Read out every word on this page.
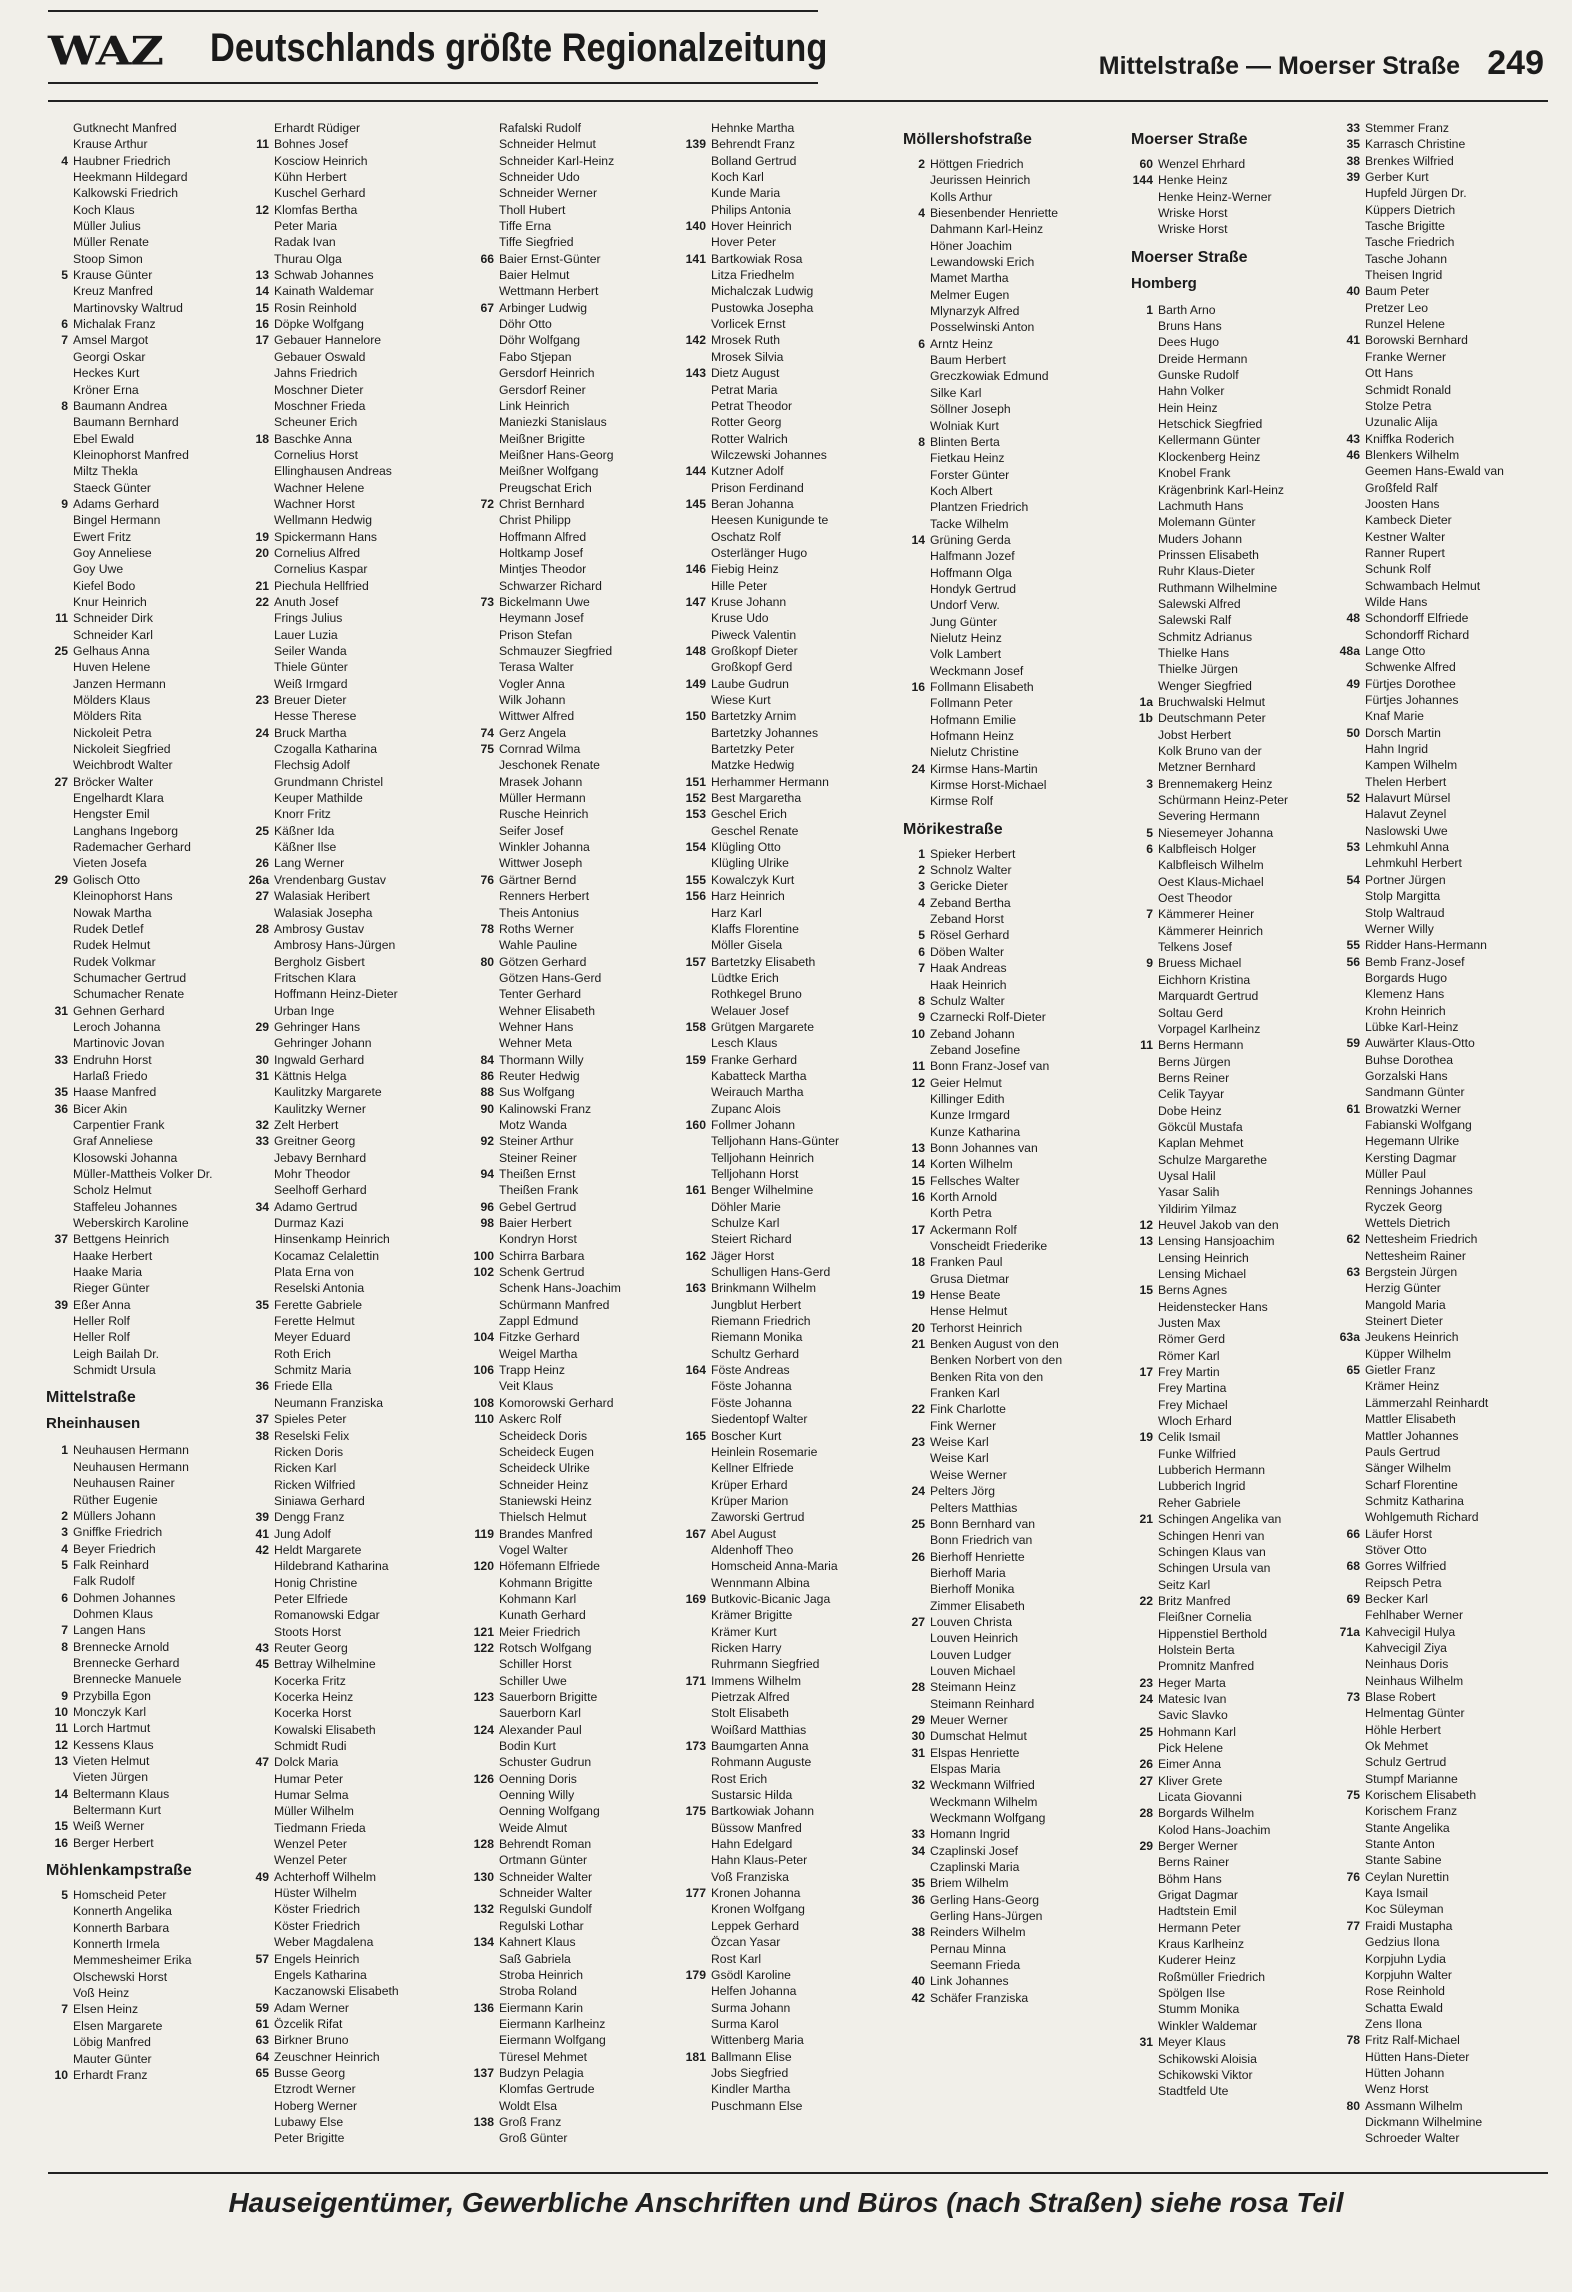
WAZ Deutschlands größte Regionalzeitung	Mittelstraße — Moerser Straße 249
Gutknecht Manfred
Krause Arthur
4 Haubner Friedrich
Heekmann Hildegard
Kalkowski Friedrich
Koch Klaus
Müller Julius
Müller Renate
Stoop Simon
5 Krause Günter
Kreuz Manfred
Martinovsky Waltrud
6 Michalak Franz
7 Amsel Margot
Georgi Oskar
Heckes Kurt
Kröner Erna
8 Baumann Andrea
Baumann Bernhard
Ebel Ewald
Kleinophorst Manfred
Miltz Thekla
Staeck Günter
9 Adams Gerhard
Bingel Hermann
Ewert Fritz
Goy Anneliese
Goy Uwe
Kiefel Bodo
Knur Heinrich
11 Schneider Dirk
Schneider Karl
25 Gelhaus Anna
Huven Helene
Janzen Hermann
Mölders Klaus
Mölders Rita
Nickoleit Petra
Nickoleit Siegfried
Weichbrodt Walter
27 Bröcker Walter
Engelhardt Klara
Hengster Emil
Langhans Ingeborg
Rademacher Gerhard
Vieten Josefa
29 Golisch Otto
Kleinophorst Hans
Nowak Martha
Rudek Detlef
Rudek Helmut
Rudek Volkmar
Schumacher Gertrud
Schumacher Renate
31 Gehnen Gerhard
Leroch Johanna
Martinovic Jovan
33 Endruhn Horst
Harlaß Friedo
35 Haase Manfred
36 Bicer Akin
Carpentier Frank
Graf Anneliese
Klosowski Johanna
Müller-Mattheis Volker Dr.
Scholz Helmut
Staffeleu Johannes
Weberskirch Karoline
37 Bettgens Heinrich
Haake Herbert
Haake Maria
Rieger Günter
39 Eßer Anna
Heller Rolf
Heller Rolf
Leigh Bailah Dr.
Schmidt Ursula
Mittelstraße
Rheinhausen
1 Neuhausen Hermann
Neuhausen Hermann
Neuhausen Rainer
Rüther Eugenie
2 Müllers Johann
3 Gniffke Friedrich
4 Beyer Friedrich
5 Falk Reinhard
Falk Rudolf
6 Dohmen Johannes
Dohmen Klaus
7 Langen Hans
8 Brennecke Arnold
Brennecke Gerhard
Brennecke Manuele
9 Przybilla Egon
10 Monczyk Karl
11 Lorch Hartmut
12 Kessens Klaus
13 Vieten Helmut
Vieten Jürgen
14 Beltermann Klaus
Beltermann Kurt
15 Weiß Werner
16 Berger Herbert
Möhlenkampstraße
5 Homscheid Peter
Konnerth Angelika
Konnerth Barbara
Konnerth Irmela
Memmesheimer Erika
Olschewski Horst
Voß Heinz
7 Elsen Heinz
Elsen Margarete
Löbig Manfred
Mauter Günter
10 Erhardt Franz
Erhardt Rüdiger
11 Bohnes Josef
Kosciow Heinrich
Kühn Herbert
Kuschel Gerhard
12 Klomfas Bertha
Peter Maria
Radak Ivan
Thurau Olga
13 Schwab Johannes
14 Kainath Waldemar
15 Rosin Reinhold
16 Döpke Wolfgang
17 Gebauer Hannelore
Gebauer Oswald
Jahns Friedrich
Moschner Dieter
Moschner Frieda
Scheuner Erich
18 Baschke Anna
Cornelius Horst
Ellinghausen Andreas
Wachner Helene
Wachner Horst
Wellmann Hedwig
19 Spickermann Hans
20 Cornelius Alfred
Cornelius Kaspar
21 Piechula Hellfried
22 Anuth Josef
Frings Julius
Lauer Luzia
Seiler Wanda
Thiele Günter
Weiß Irmgard
23 Breuer Dieter
Hesse Therese
24 Bruck Martha
Czogalla Katharina
Flechsig Adolf
Grundmann Christel
Keuper Mathilde
Knorr Fritz
25 Käßner Ida
Käßner Ilse
26 Lang Werner
26a Vrendenbarg Gustav
27 Walasiak Heribert
Walasiak Josepha
28 Ambrosy Gustav
Ambrosy Hans-Jürgen
Bergholz Gisbert
Fritschen Klara
Hoffmann Heinz-Dieter
Urban Inge
29 Gehringer Hans
Gehringer Johann
30 Ingwald Gerhard
31 Kättnis Helga
Kaulitzky Margarete
Kaulitzky Werner
32 Zelt Herbert
33 Greitner Georg
Jebavy Bernhard
Mohr Theodor
Seelhoff Gerhard
34 Adamo Gertrud
Durmaz Kazi
Hinsenkamp Heinrich
Kocamaz Celalettin
Plata Erna von
Reselski Antonia
35 Ferette Gabriele
Ferette Helmut
Meyer Eduard
Roth Erich
Schmitz Maria
36 Friede Ella
Neumann Franziska
37 Spieles Peter
38 Reselski Felix
Ricken Doris
Ricken Karl
Ricken Wilfried
Siniawa Gerhard
39 Dengg Franz
41 Jung Adolf
42 Heldt Margarete
Hildebrand Katharina
Honig Christine
Peter Elfriede
Romanowski Edgar
Stoots Horst
43 Reuter Georg
45 Bettray Wilhelmine
Kocerka Fritz
Kocerka Heinz
Kocerka Horst
Kowalski Elisabeth
Schmidt Rudi
47 Dolck Maria
Humar Peter
Humar Selma
Müller Wilhelm
Tiedmann Frieda
Wenzel Peter
Wenzel Peter
49 Achterhoff Wilhelm
Hüster Wilhelm
Köster Friedrich
Köster Friedrich
Weber Magdalena
57 Engels Heinrich
Engels Katharina
Kaczanowski Elisabeth
59 Adam Werner
61 Özcelik Rifat
63 Birkner Bruno
64 Zeuschner Heinrich
65 Busse Georg
Etzrodt Werner
Hoberg Werner
Lubawy Else
Peter Brigitte
Rafalski Rudolf
Schneider Helmut
Schneider Karl-Heinz
Schneider Udo
Schneider Werner
Tholl Hubert
Tiffe Erna
Tiffe Siegfried
66 Baier Ernst-Günter
Baier Helmut
Wettmann Herbert
67 Arbinger Ludwig
Döhr Otto
Döhr Wolfgang
Fabo Stjepan
Gersdorf Heinrich
Gersdorf Reiner
Link Heinrich
Maniezki Stanislaus
Meißner Brigitte
Meißner Hans-Georg
Meißner Wolfgang
Preugschat Erich
72 Christ Bernhard
Christ Philipp
Hoffmann Alfred
Holtkamp Josef
Mintjes Theodor
Schwarzer Richard
73 Bickelmann Uwe
Heymann Josef
Prison Stefan
Schmauzer Siegfried
Terasa Walter
Vogler Anna
Wilk Johann
Wittwer Alfred
74 Gerz Angela
75 Cornrad Wilma
Jeschonek Renate
Mrasek Johann
Müller Hermann
Rusche Heinrich
Seifer Josef
Winkler Johanna
Wittwer Joseph
76 Gärtner Bernd
Renners Herbert
Theis Antonius
78 Roths Werner
Wahle Pauline
80 Götzen Gerhard
Götzen Hans-Gerd
Tenter Gerhard
Wehner Elisabeth
Wehner Hans
Wehner Meta
84 Thormann Willy
86 Reuter Hedwig
88 Sus Wolfgang
90 Kalinowski Franz
Motz Wanda
92 Steiner Arthur
Steiner Reiner
94 Theißen Ernst
Theißen Frank
96 Gebel Gertrud
98 Baier Herbert
Kondryn Horst
100 Schirra Barbara
102 Schenk Gertrud
Schenk Hans-Joachim
Schürmann Manfred
Zappl Edmund
104 Fitzke Gerhard
Weigel Martha
106 Trapp Heinz
Veit Klaus
108 Komorowski Gerhard
110 Askerc Rolf
Scheideck Doris
Scheideck Eugen
Scheideck Ulrike
Schneider Heinz
Staniewski Heinz
Thielsch Helmut
119 Brandes Manfred
Vogel Walter
120 Höfemann Elfriede
Kohmann Brigitte
Kohmann Karl
Kunath Gerhard
121 Meier Friedrich
122 Rotsch Wolfgang
Schiller Horst
Schiller Uwe
123 Sauerborn Brigitte
Sauerborn Karl
124 Alexander Paul
Bodin Kurt
Schuster Gudrun
126 Oenning Doris
Oenning Willy
Oenning Wolfgang
Weide Almut
128 Behrendt Roman
Ortmann Günter
130 Schneider Walter
Schneider Walter
132 Regulski Gundolf
Regulski Lothar
134 Kahnert Klaus
Saß Gabriela
Stroba Heinrich
Stroba Roland
136 Eiermann Karin
Eiermann Karlheinz
Eiermann Wolfgang
Türesel Mehmet
137 Budzyn Pelagia
Klomfas Gertrude
Woldt Elsa
138 Groß Franz
Groß Günter
Hehnke Martha
139 Behrendt Franz
Bolland Gertrud
Koch Karl
Kunde Maria
Philips Antonia
140 Hover Heinrich
Hover Peter
141 Bartkowiak Rosa
Litza Friedhelm
Michalczak Ludwig
Pustowka Josepha
Vorlicek Ernst
142 Mrosek Ruth
Mrosek Silvia
143 Dietz August
Petrat Maria
Petrat Theodor
Rotter Georg
Rotter Walrich
Wilczewski Johannes
144 Kutzner Adolf
Prison Ferdinand
145 Beran Johanna
Heesen Kunigunde te
Oschatz Rolf
Osterlänger Hugo
146 Fiebig Heinz
Hille Peter
147 Kruse Johann
Kruse Udo
Piweck Valentin
148 Großkopf Dieter
Großkopf Gerd
149 Laube Gudrun
Wiese Kurt
150 Bartetzky Arnim
Bartetzky Johannes
Bartetzky Peter
Matzke Hedwig
151 Herhammer Hermann
152 Best Margaretha
153 Geschel Erich
Geschel Renate
154 Klügling Otto
Klügling Ulrike
155 Kowalczyk Kurt
156 Harz Heinrich
Harz Karl
Klaffs Florentine
Möller Gisela
157 Bartetzky Elisabeth
Lüdtke Erich
Rothkegel Bruno
Welauer Josef
158 Grütgen Margarete
Lesch Klaus
159 Franke Gerhard
Kabatteck Martha
Weirauch Martha
Zupanc Alois
160 Follmer Johann
Telljohann Hans-Günter
Telljohann Heinrich
Telljohann Horst
161 Benger Wilhelmine
Döhler Marie
Schulze Karl
Steiert Richard
162 Jäger Horst
Schulligen Hans-Gerd
163 Brinkmann Wilhelm
Jungblut Herbert
Riemann Friedrich
Riemann Monika
Schultz Gerhard
164 Föste Andreas
Föste Johanna
Föste Johanna
Siedentopf Walter
165 Boscher Kurt
Heinlein Rosemarie
Kellner Elfriede
Krüper Erhard
Krüper Marion
Zaworski Gertrud
167 Abel August
Aldenhoff Theo
Homscheid Anna-Maria
Wennmann Albina
169 Butkovic-Bicanic Jaga
Krämer Brigitte
Krämer Kurt
Ricken Harry
Ruhrmann Siegfried
171 Immens Wilhelm
Pietrzak Alfred
Stolt Elisabeth
Woißard Matthias
173 Baumgarten Anna
Rohmann Auguste
Rost Erich
Sustarsic Hilda
175 Bartkowiak Johann
Büssow Manfred
Hahn Edelgard
Hahn Klaus-Peter
Voß Franziska
177 Kronen Johanna
Kronen Wolfgang
Leppek Gerhard
Özcan Yasar
Rost Karl
179 Gsödl Karoline
Helfen Johanna
Surma Johann
Surma Karol
Wittenberg Maria
181 Ballmann Elise
Jobs Siegfried
Kindler Martha
Puschmann Else
Möllershofstraße
2 Höttgen Friedrich
Jeurissen Heinrich
Kolls Arthur
4 Biesenbender Henriette
Dahmann Karl-Heinz
Höner Joachim
Lewandowski Erich
Mamet Martha
Melmer Eugen
Mlynarzyk Alfred
Posselwinski Anton
6 Arntz Heinz
Baum Herbert
Greczkowiak Edmund
Silke Karl
Söllner Joseph
Wolniak Kurt
8 Blinten Berta
Fietkau Heinz
Forster Günter
Koch Albert
Plantzen Friedrich
Tacke Wilhelm
14 Grüning Gerda
Halfmann Jozef
Hoffmann Olga
Hondyk Gertrud
Undorf Verw.
Jung Günter
Nielutz Heinz
Volk Lambert
Weckmann Josef
16 Follmann Elisabeth
Follmann Peter
Hofmann Emilie
Hofmann Heinz
Nielutz Christine
24 Kirmse Hans-Martin
Kirmse Horst-Michael
Kirmse Rolf
Mörikestraße
1 Spieker Herbert
2 Schnolz Walter
3 Gericke Dieter
4 Zeband Bertha
Zeband Horst
5 Rösel Gerhard
6 Döben Walter
7 Haak Andreas
Haak Heinrich
8 Schulz Walter
9 Czarnecki Rolf-Dieter
10 Zeband Johann
Zeband Josefine
11 Bonn Franz-Josef van
12 Geier Helmut
Killinger Edith
Kunze Irmgard
Kunze Katharina
13 Bonn Johannes van
14 Korten Wilhelm
15 Fellsches Walter
16 Korth Arnold
Korth Petra
17 Ackermann Rolf
Vonscheidt Friederike
18 Franken Paul
Grusa Dietmar
19 Hense Beate
Hense Helmut
20 Terhorst Heinrich
21 Benken August von den
Benken Norbert von den
Benken Rita von den
Franken Karl
22 Fink Charlotte
Fink Werner
23 Weise Karl
Weise Karl
Weise Werner
24 Pelters Jörg
Pelters Matthias
25 Bonn Bernhard van
Bonn Friedrich van
26 Bierhoff Henriette
Bierhoff Maria
Bierhoff Monika
Zimmer Elisabeth
27 Louven Christa
Louven Heinrich
Louven Ludger
Louven Michael
28 Steimann Heinz
Steimann Reinhard
29 Meuer Werner
30 Dumschat Helmut
31 Elspas Henriette
Elspas Maria
32 Weckmann Wilfried
Weckmann Wilhelm
Weckmann Wolfgang
33 Homann Ingrid
34 Czaplinski Josef
Czaplinski Maria
35 Briem Wilhelm
36 Gerling Hans-Georg
Gerling Hans-Jürgen
38 Reinders Wilhelm
Pernau Minna
Seemann Frieda
40 Link Johannes
42 Schäfer Franziska
Moerser Straße
60 Wenzel Ehrhard
144 Henke Heinz
Henke Heinz-Werner
Wriske Horst
Wriske Horst
Moerser Straße
Homberg
1 Barth Arno
Bruns Hans
Dees Hugo
Dreide Hermann
Gunske Rudolf
Hahn Volker
Hein Heinz
Hetschick Siegfried
Kellermann Günter
Klockenberg Heinz
Knobel Frank
Krägenbrink Karl-Heinz
Lachmuth Hans
Molemann Günter
Muders Johann
Prinssen Elisabeth
Ruhr Klaus-Dieter
Ruthmann Wilhelmine
Salewski Alfred
Salewski Ralf
Schmitz Adrianus
Thielke Hans
Thielke Jürgen
Wenger Siegfried
1a Bruchwalski Helmut
1b Deutschmann Peter
Jobst Herbert
Kolk Bruno van der
Metzner Bernhard
3 Brennemakerg Heinz
Schürmann Heinz-Peter
Severing Hermann
5 Niesemeyer Johanna
6 Kalbfleisch Holger
Kalbfleisch Wilhelm
Oest Klaus-Michael
Oest Theodor
7 Kämmerer Heiner
Kämmerer Heinrich
Telkens Josef
9 Bruess Michael
Eichhorn Kristina
Marquardt Gertrud
Soltau Gerd
Vorpagel Karlheinz
11 Berns Hermann
Berns Jürgen
Berns Reiner
Celik Tayyar
Dobe Heinz
Gökcül Mustafa
Kaplan Mehmet
Schulze Margarethe
Uysal Halil
Yasar Salih
Yildirim Yilmaz
12 Heuvel Jakob van den
13 Lensing Hansjoachim
Lensing Heinrich
Lensing Michael
15 Berns Agnes
Heidenstecker Hans
Justen Max
Römer Gerd
Römer Karl
17 Frey Martin
Frey Martina
Frey Michael
Wloch Erhard
19 Celik Ismail
Funke Wilfried
Lubberich Hermann
Lubberich Ingrid
Reher Gabriele
21 Schingen Angelika van
Schingen Henri van
Schingen Klaus van
Schingen Ursula van
Seitz Karl
22 Britz Manfred
Fleißner Cornelia
Hippenstiel Berthold
Holstein Berta
Promnitz Manfred
23 Heger Marta
24 Matesic Ivan
Savic Slavko
25 Hohmann Karl
Pick Helene
26 Eimer Anna
27 Kliver Grete
Licata Giovanni
28 Borgards Wilhelm
Kolod Hans-Joachim
29 Berger Werner
Berns Rainer
Böhm Hans
Grigat Dagmar
Hadtstein Emil
Hermann Peter
Kraus Karlheinz
Kuderer Heinz
Roßmüller Friedrich
Spölgen Ilse
Stumm Monika
Winkler Waldemar
31 Meyer Klaus
Schikowski Aloisia
Schikowski Viktor
Stadtfeld Ute
33 Stemmer Franz
35 Karrasch Christine
38 Brenkes Wilfried
39 Gerber Kurt
Hupfeld Jürgen Dr.
Küppers Dietrich
Tasche Brigitte
Tasche Friedrich
Tasche Johann
Theisen Ingrid
40 Baum Peter
Pretzer Leo
Runzel Helene
41 Borowski Bernhard
Franke Werner
Ott Hans
Schmidt Ronald
Stolze Petra
Uzunalic Alija
43 Kniffka Roderich
46 Blenkers Wilhelm
Geemen Hans-Ewald van
Großfeld Ralf
Joosten Hans
Kambeck Dieter
Kestner Walter
Ranner Rupert
Schunk Rolf
Schwambach Helmut
Wilde Hans
48 Schondorff Elfriede
Schondorff Richard
48a Lange Otto
Schwenke Alfred
49 Fürtjes Dorothee
Fürtjes Johannes
Knaf Marie
50 Dorsch Martin
Hahn Ingrid
Kampen Wilhelm
Thelen Herbert
52 Halavurt Mürsel
Halavut Zeynel
Naslowski Uwe
53 Lehmkuhl Anna
Lehmkuhl Herbert
54 Portner Jürgen
Stolp Margitta
Stolp Waltraud
Werner Willy
55 Ridder Hans-Hermann
56 Bemb Franz-Josef
Borgards Hugo
Klemenz Hans
Krohn Heinrich
Lübke Karl-Heinz
59 Auwärter Klaus-Otto
Buhse Dorothea
Gorzalski Hans
Sandmann Günter
61 Browatzki Werner
Fabianski Wolfgang
Hegemann Ulrike
Kersting Dagmar
Müller Paul
Rennings Johannes
Ryczek Georg
Wettels Dietrich
62 Nettesheim Friedrich
Nettesheim Rainer
63 Bergstein Jürgen
Herzig Günter
Mangold Maria
Steinert Dieter
63a Jeukens Heinrich
Küpper Wilhelm
65 Gietler Franz
Krämer Heinz
Lämmerzahl Reinhardt
Mattler Elisabeth
Mattler Johannes
Pauls Gertrud
Sänger Wilhelm
Scharf Florentine
Schmitz Katharina
Wohlgemuth Richard
66 Läufer Horst
Stöver Otto
68 Gorres Wilfried
Reipsch Petra
69 Becker Karl
Fehlhaber Werner
71a Kahvecigil Hulya
Kahvecigil Ziya
Neinhaus Doris
Neinhaus Wilhelm
73 Blase Robert
Helmentag Günter
Höhle Herbert
Ok Mehmet
Schulz Gertrud
Stumpf Marianne
75 Korischem Elisabeth
Korischem Franz
Stante Angelika
Stante Anton
Stante Sabine
76 Ceylan Nurettin
Kaya Ismail
Koc Süleyman
77 Fraidi Mustapha
Gedzius Ilona
Korpjuhn Lydia
Korpjuhn Walter
Rose Reinhold
Schatta Ewald
Zens Ilona
78 Fritz Ralf-Michael
Hütten Hans-Dieter
Hütten Johann
Wenz Horst
80 Assmann Wilhelm
Dickmann Wilhelmine
Schroeder Walter
Hauseigentümer, Gewerbliche Anschriften und Büros (nach Straßen) siehe rosa Teil
